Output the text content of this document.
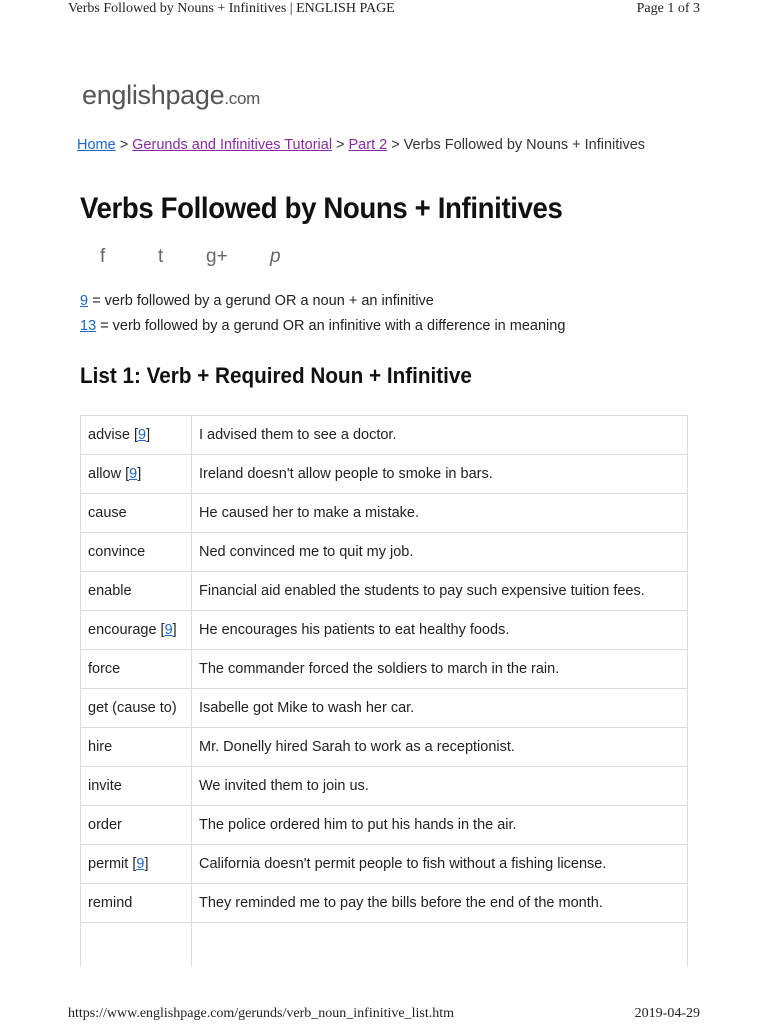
Verbs Followed by Nouns + Infinitives | ENGLISH PAGE	Page 1 of 3
englishpage.com
Home > Gerunds and Infinitives Tutorial > Part 2 > Verbs Followed by Nouns + Infinitives
Verbs Followed by Nouns + Infinitives
f	t g+ p
9 = verb followed by a gerund OR a noun + an infinitive
13 = verb followed by a gerund OR an infinitive with a difference in meaning
List 1: Verb + Required Noun + Infinitive
advise [9]	I advised them to see a doctor.
allow [9]	Ireland doesn't allow people to smoke in bars.
cause	He caused her to make a mistake.
convince	Ned convinced me to quit my job.
enable	Financial aid enabled the students to pay such expensive tuition fees.
encourage [9]	He encourages his patients to eat healthy foods.
force	The commander forced the soldiers to march in the rain.
get (cause to)	Isabelle got Mike to wash her car.
hire	Mr. Donelly hired Sarah to work as a receptionist.
invite	We invited them to join us.
order	The police ordered him to put his hands in the air.
permit [9]	California doesn't permit people to fish without a fishing license.
remind	They reminded me to pay the bills before the end of the month.

https://www.englishpage.com/gerunds/verb_noun_infinitive_list.htm	2019-04-29
